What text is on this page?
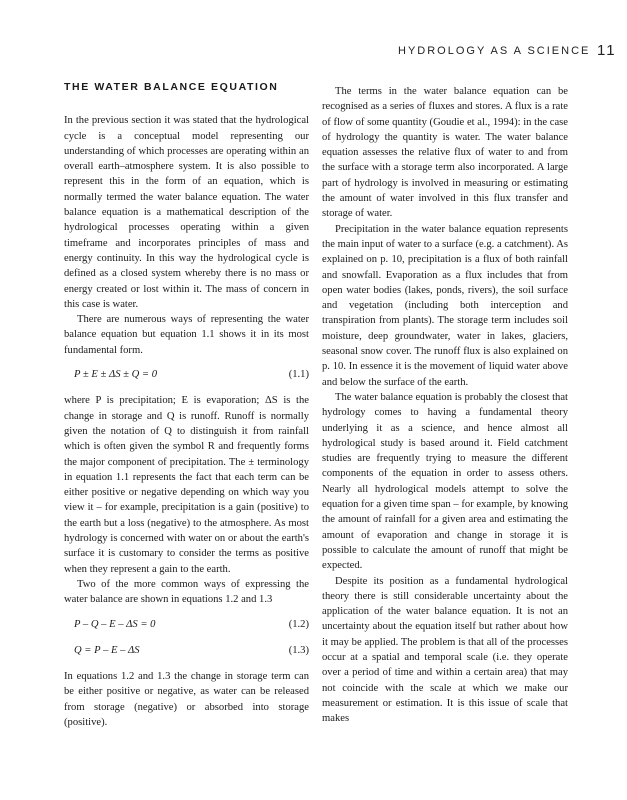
HYDROLOGY AS A SCIENCE 11
THE WATER BALANCE EQUATION

In the previous section it was stated that the hydrological cycle is a conceptual model representing our understanding of which processes are operating within an overall earth–atmosphere system. It is also possible to represent this in the form of an equation, which is normally termed the water balance equation. The water balance equation is a mathematical description of the hydrological processes operating within a given timeframe and incorporates principles of mass and energy continuity. In this way the hydrological cycle is defined as a closed system whereby there is no mass or energy created or lost within it. The mass of concern in this case is water.

There are numerous ways of representing the water balance equation but equation 1.1 shows it in its most fundamental form.

P ± E ± ΔS ± Q = 0	(1.1)

where P is precipitation; E is evaporation; ΔS is the change in storage and Q is runoff. Runoff is normally given the notation of Q to distinguish it from rainfall which is often given the symbol R and frequently forms the major component of precipitation. The ± terminology in equation 1.1 represents the fact that each term can be either positive or negative depending on which way you view it – for example, precipitation is a gain (positive) to the earth but a loss (negative) to the atmosphere. As most hydrology is concerned with water on or about the earth's surface it is customary to consider the terms as positive when they represent a gain to the earth.

Two of the more common ways of expressing the water balance are shown in equations 1.2 and 1.3

P – Q – E – ΔS = 0	(1.2)
Q = P – E – ΔS	(1.3)

In equations 1.2 and 1.3 the change in storage term can be either positive or negative, as water can be released from storage (negative) or absorbed into storage (positive).

The terms in the water balance equation can be recognised as a series of fluxes and stores. A flux is a rate of flow of some quantity (Goudie et al., 1994): in the case of hydrology the quantity is water. The water balance equation assesses the relative flux of water to and from the surface with a storage term also incorporated. A large part of hydrology is involved in measuring or estimating the amount of water involved in this flux transfer and storage of water.

Precipitation in the water balance equation represents the main input of water to a surface (e.g. a catchment). As explained on p. 10, precipitation is a flux of both rainfall and snowfall. Evaporation as a flux includes that from open water bodies (lakes, ponds, rivers), the soil surface and vegetation (including both interception and transpiration from plants). The storage term includes soil moisture, deep groundwater, water in lakes, glaciers, seasonal snow cover. The runoff flux is also explained on p. 10. In essence it is the movement of liquid water above and below the surface of the earth.

The water balance equation is probably the closest that hydrology comes to having a fundamental theory underlying it as a science, and hence almost all hydrological study is based around it. Field catchment studies are frequently trying to measure the different components of the equation in order to assess others. Nearly all hydrological models attempt to solve the equation for a given time span – for example, by knowing the amount of rainfall for a given area and estimating the amount of evaporation and change in storage it is possible to calculate the amount of runoff that might be expected.

Despite its position as a fundamental hydrological theory there is still considerable uncertainty about the application of the water balance equation. It is not an uncertainty about the equation itself but rather about how it may be applied. The problem is that all of the processes occur at a spatial and temporal scale (i.e. they operate over a period of time and within a certain area) that may not coincide with the scale at which we make our measurement or estimation. It is this issue of scale that makes
